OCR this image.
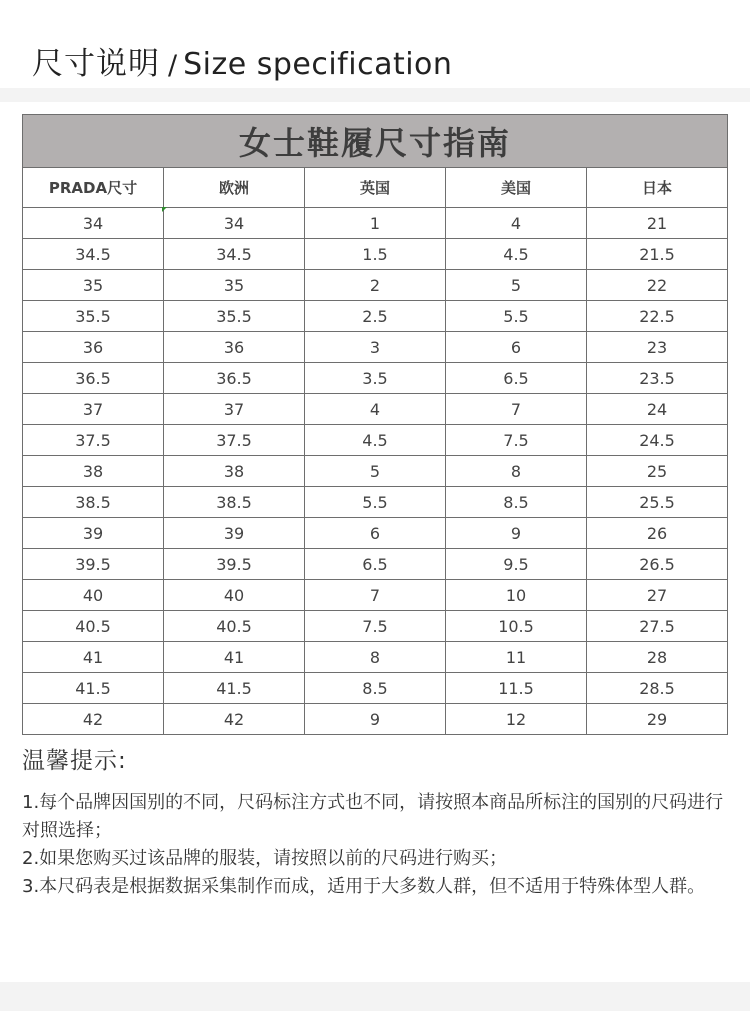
尺寸说明 / Size specification
女士鞋履尺寸指南				
PRADA尺寸	欧洲	英国	美国	日本
34	34	1	4	21
34.5	34.5	1.5	4.5	21.5
35	35	2	5	22
35.5	35.5	2.5	5.5	22.5
36	36	3	6	23
36.5	36.5	3.5	6.5	23.5
37	37	4	7	24
37.5	37.5	4.5	7.5	24.5
38	38	5	8	25
38.5	38.5	5.5	8.5	25.5
39	39	6	9	26
39.5	39.5	6.5	9.5	26.5
40	40	7	10	27
40.5	40.5	7.5	10.5	27.5
41	41	8	11	28
41.5	41.5	8.5	11.5	28.5
42	42	9	12	29
温馨提示:
1.每个品牌因国别的不同，尺码标注方式也不同，请按照本商品所标注的国别的尺码进行对照选择；
2.如果您购买过该品牌的服装，请按照以前的尺码进行购买；
3.本尺码表是根据数据采集制作而成，适用于大多数人群，但不适用于特殊体型人群。
